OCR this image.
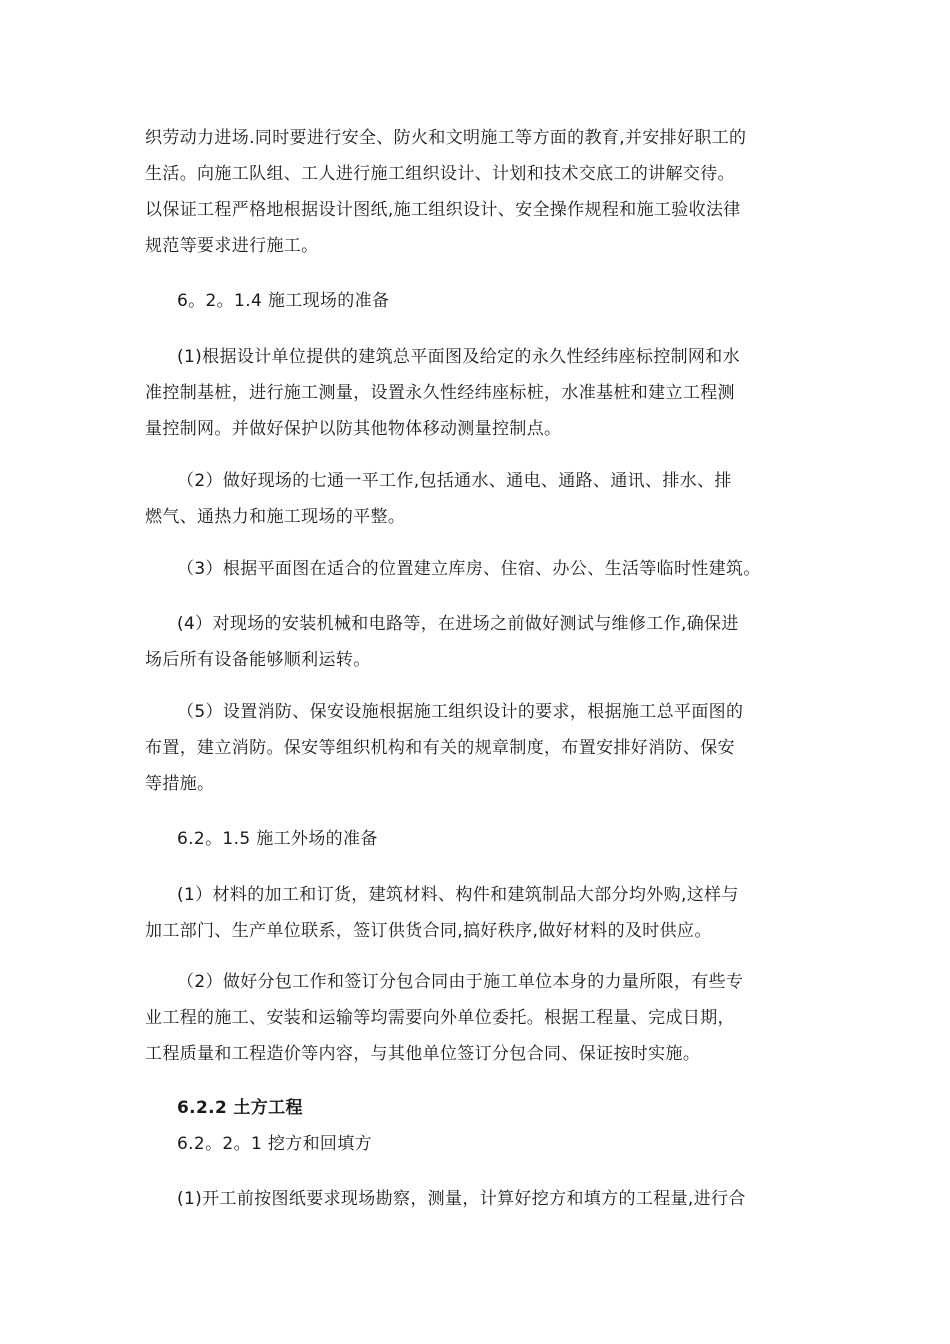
织劳动力进场.同时要进行安全、防火和文明施工等方面的教育,并安排好职工的
生活。向施工队组、工人进行施工组织设计、计划和技术交底工的讲解交待。
以保证工程严格地根据设计图纸,施工组织设计、安全操作规程和施工验收法律
规范等要求进行施工。
6。2。1.4 施工现场的准备
(1)根据设计单位提供的建筑总平面图及给定的永久性经纬座标控制网和水
准控制基桩，进行施工测量，设置永久性经纬座标桩，水准基桩和建立工程测
量控制网。并做好保护以防其他物体移动测量控制点。
（2）做好现场的七通一平工作,包括通水、通电、通路、通讯、排水、排
燃气、通热力和施工现场的平整。
（3）根据平面图在适合的位置建立库房、住宿、办公、生活等临时性建筑。
(4）对现场的安装机械和电路等，在进场之前做好测试与维修工作,确保进
场后所有设备能够顺利运转。
（5）设置消防、保安设施根据施工组织设计的要求，根据施工总平面图的
布置，建立消防。保安等组织机构和有关的规章制度，布置安排好消防、保安
等措施。
6.2。1.5 施工外场的准备
(1）材料的加工和订货，建筑材料、构件和建筑制品大部分均外购,这样与
加工部门、生产单位联系，签订供货合同,搞好秩序,做好材料的及时供应。
（2）做好分包工作和签订分包合同由于施工单位本身的力量所限，有些专
业工程的施工、安装和运输等均需要向外单位委托。根据工程量、完成日期，
工程质量和工程造价等内容，与其他单位签订分包合同、保证按时实施。
6.2.2 土方工程
6.2。2。1 挖方和回填方
(1)开工前按图纸要求现场勘察，测量，计算好挖方和填方的工程量,进行合
